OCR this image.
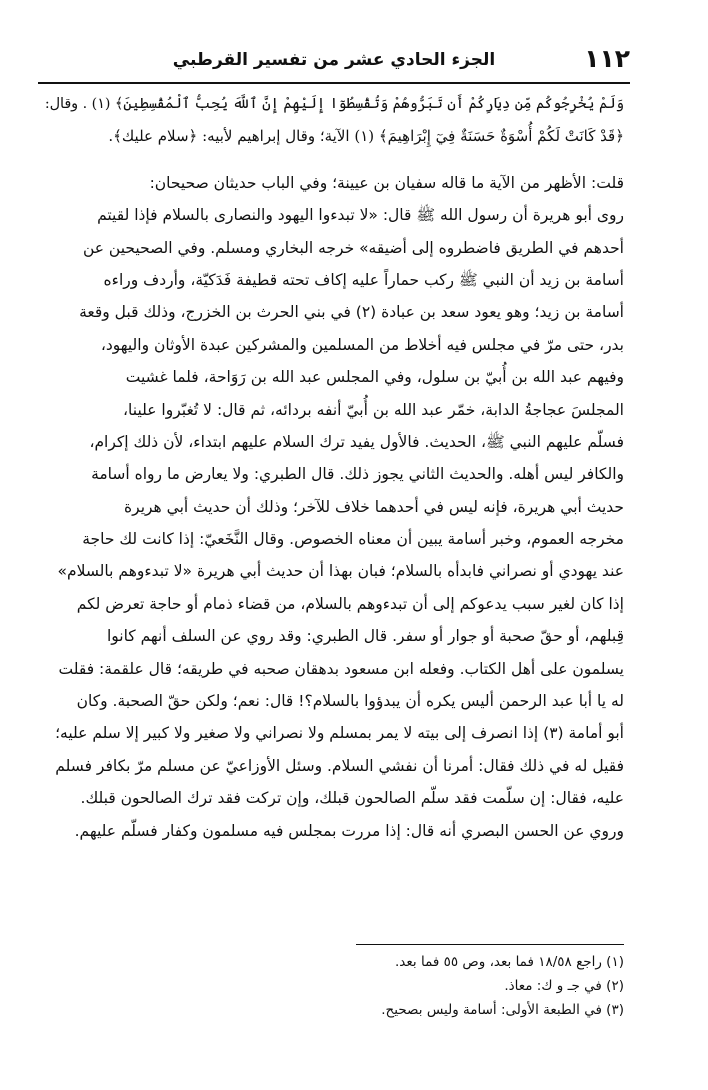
١١٢
الجزء الحادي عشر من تفسير القرطبي
وَلَمْ يُخْرِجُوكُم مِّن دِيَارِكُمْ أَن تَبَرُّوهُمْ وَتُقْسِطُوٓا إِلَيْهِمْ إِنَّ ٱللَّهَ يُحِبُّ ٱلْمُقْسِطِينَ﴾ (١) . وقال:
﴿قَدْ كَانَتْ لَكُمْ أُسْوَةٌ حَسَنَةٌ فِيٓ إِبْرَاهِيمَ﴾ (١) الآية؛ وقال إبراهيم لأبيه: ﴿سلام عليك﴾.
قلت: الأظهر من الآية ما قاله سفيان بن عيينة؛ وفي الباب حديثان صحيحان:
روى أبو هريرة أن رسول الله ﷺ قال: «لا تبدءوا اليهود والنصارى بالسلام فإذا لقيتم
أحدهم في الطريق فاضطروه إلى أضيقه» خرجه البخاري ومسلم. وفي الصحيحين عن
أسامة بن زيد أن النبي ﷺ ركب حماراً عليه إكاف تحته قطيفة فَدَكيّة، وأردف وراءه
أسامة بن زيد؛ وهو يعود سعد بن عبادة (٢) في بني الحرث بن الخزرج، وذلك قبل وقعة
بدر، حتى مرّ في مجلس فيه أخلاط من المسلمين والمشركين عبدة الأوثان واليهود،
وفيهم عبد الله بن أُبيّ بن سلول، وفي المجلس عبد الله بن رَوَاحة، فلما غشيت
المجلسَ عجاجةُ الدابة، خمّر عبد الله بن أُبيّ أنفه بردائه، ثم قال: لا تُغبّروا علينا،
فسلّم عليهم النبي ﷺ، الحديث. فالأول يفيد ترك السلام عليهم ابتداء، لأن ذلك إكرام،
والكافر ليس أهله. والحديث الثاني يجوز ذلك. قال الطبري: ولا يعارض ما رواه أسامة
حديث أبي هريرة، فإنه ليس في أحدهما خلاف للآخر؛ وذلك أن حديث أبي هريرة
مخرجه العموم، وخبر أسامة يبين أن معناه الخصوص. وقال النَّخَعيّ: إذا كانت لك حاجة
عند يهودي أو نصراني فابدأه بالسلام؛ فبان بهذا أن حديث أبي هريرة «لا تبدءوهم بالسلام»
إذا كان لغير سبب يدعوكم إلى أن تبدءوهم بالسلام، من قضاء ذمام أو حاجة تعرض لكم
قِبلهم، أو حقّ صحبة أو جوار أو سفر. قال الطبري: وقد روي عن السلف أنهم كانوا
يسلمون على أهل الكتاب. وفعله ابن مسعود بدهقان صحبه في طريقه؛ قال علقمة: فقلت
له يا أبا عبد الرحمن أليس يكره أن يبدؤوا بالسلام؟! قال: نعم؛ ولكن حقّ الصحبة. وكان
أبو أمامة (٣) إذا انصرف إلى بيته لا يمر بمسلم ولا نصراني ولا صغير ولا كبير إلا سلم عليه؛
فقيل له في ذلك فقال: أمرنا أن نفشي السلام. وسئل الأوزاعيّ عن مسلم مرّ بكافر فسلم
عليه، فقال: إن سلّمت فقد سلّم الصالحون قبلك، وإن تركت فقد ترك الصالحون قبلك.
وروي عن الحسن البصري أنه قال: إذا مررت بمجلس فيه مسلمون وكفار فسلّم عليهم.
(١) راجع ١٨/٥٨ فما بعد، وص ٥٥ فما بعد.
(٢) في جـ و ك: معاذ.
(٣) في الطبعة الأولى: أسامة وليس بصحيح.
